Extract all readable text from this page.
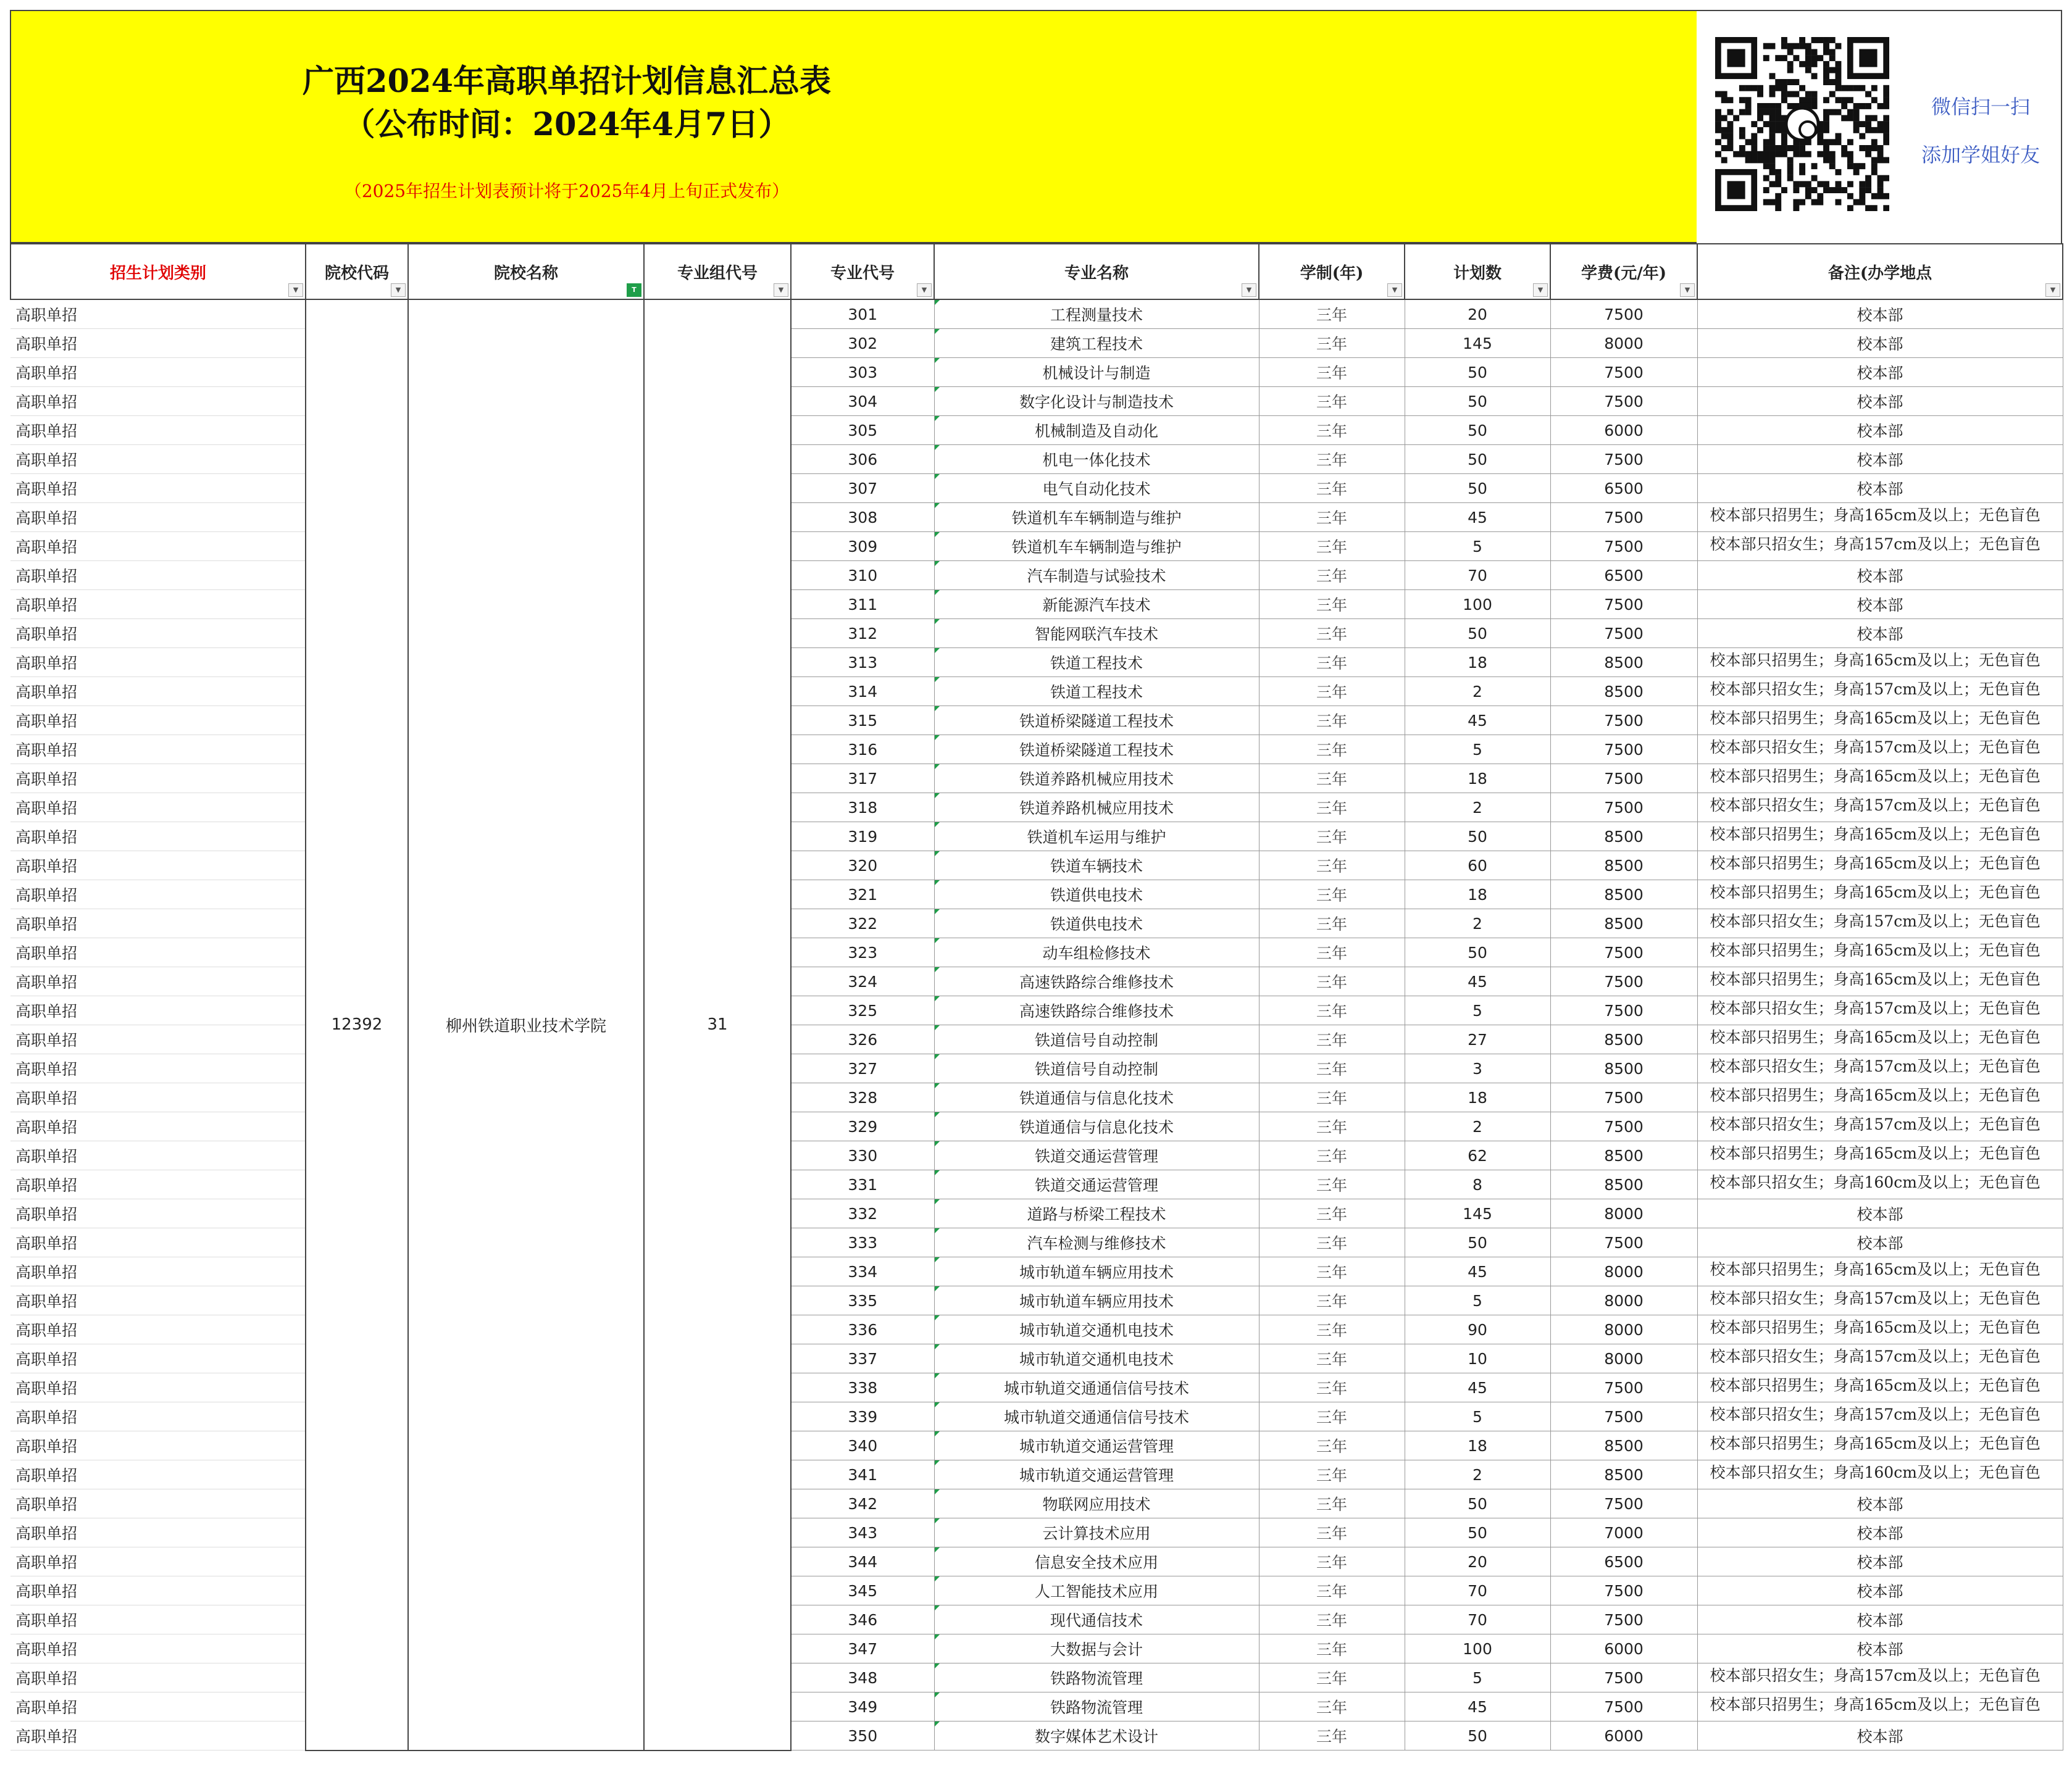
广西2024年高职单招计划信息汇总表
（公布时间：2024年4月7日）
（2025年招生计划表预计将于2025年4月上旬正式发布）
微信扫一扫
添加学姐好友
招生计划类别
▼	院校代码
▼	院校名称
T	专业组代号
▼	专业代号
▼	专业名称
▼	学制(年)
▼	计划数
▼	学费(元/年)
▼	备注(办学地点
▼

高职单招	12392	柳州铁道职业技术学院	31	301	工程测量技术	三年	20	7500	校本部
高职单招				302	建筑工程技术	三年	145	8000	校本部
高职单招				303	机械设计与制造	三年	50	7500	校本部
高职单招				304	数字化设计与制造技术	三年	50	7500	校本部
高职单招				305	机械制造及自动化	三年	50	6000	校本部
高职单招				306	机电一体化技术	三年	50	7500	校本部
高职单招				307	电气自动化技术	三年	50	6500	校本部
高职单招				308	铁道机车车辆制造与维护	三年	45	7500	校本部只招男生；身高165cm及以上；无色盲色
高职单招				309	铁道机车车辆制造与维护	三年	5	7500	校本部只招女生；身高157cm及以上；无色盲色
高职单招				310	汽车制造与试验技术	三年	70	6500	校本部
高职单招				311	新能源汽车技术	三年	100	7500	校本部
高职单招				312	智能网联汽车技术	三年	50	7500	校本部
高职单招				313	铁道工程技术	三年	18	8500	校本部只招男生；身高165cm及以上；无色盲色
高职单招				314	铁道工程技术	三年	2	8500	校本部只招女生；身高157cm及以上；无色盲色
高职单招				315	铁道桥梁隧道工程技术	三年	45	7500	校本部只招男生；身高165cm及以上；无色盲色
高职单招				316	铁道桥梁隧道工程技术	三年	5	7500	校本部只招女生；身高157cm及以上；无色盲色
高职单招				317	铁道养路机械应用技术	三年	18	7500	校本部只招男生；身高165cm及以上；无色盲色
高职单招				318	铁道养路机械应用技术	三年	2	7500	校本部只招女生；身高157cm及以上；无色盲色
高职单招				319	铁道机车运用与维护	三年	50	8500	校本部只招男生；身高165cm及以上；无色盲色
高职单招				320	铁道车辆技术	三年	60	8500	校本部只招男生；身高165cm及以上；无色盲色
高职单招				321	铁道供电技术	三年	18	8500	校本部只招男生；身高165cm及以上；无色盲色
高职单招				322	铁道供电技术	三年	2	8500	校本部只招女生；身高157cm及以上；无色盲色
高职单招				323	动车组检修技术	三年	50	7500	校本部只招男生；身高165cm及以上；无色盲色
高职单招				324	高速铁路综合维修技术	三年	45	7500	校本部只招男生；身高165cm及以上；无色盲色
高职单招				325	高速铁路综合维修技术	三年	5	7500	校本部只招女生；身高157cm及以上；无色盲色
高职单招				326	铁道信号自动控制	三年	27	8500	校本部只招男生；身高165cm及以上；无色盲色
高职单招				327	铁道信号自动控制	三年	3	8500	校本部只招女生；身高157cm及以上；无色盲色
高职单招				328	铁道通信与信息化技术	三年	18	7500	校本部只招男生；身高165cm及以上；无色盲色
高职单招				329	铁道通信与信息化技术	三年	2	7500	校本部只招女生；身高157cm及以上；无色盲色
高职单招				330	铁道交通运营管理	三年	62	8500	校本部只招男生；身高165cm及以上；无色盲色
高职单招				331	铁道交通运营管理	三年	8	8500	校本部只招女生；身高160cm及以上；无色盲色
高职单招				332	道路与桥梁工程技术	三年	145	8000	校本部
高职单招				333	汽车检测与维修技术	三年	50	7500	校本部
高职单招				334	城市轨道车辆应用技术	三年	45	8000	校本部只招男生；身高165cm及以上；无色盲色
高职单招				335	城市轨道车辆应用技术	三年	5	8000	校本部只招女生；身高157cm及以上；无色盲色
高职单招				336	城市轨道交通机电技术	三年	90	8000	校本部只招男生；身高165cm及以上；无色盲色
高职单招				337	城市轨道交通机电技术	三年	10	8000	校本部只招女生；身高157cm及以上；无色盲色
高职单招				338	城市轨道交通通信信号技术	三年	45	7500	校本部只招男生；身高165cm及以上；无色盲色
高职单招				339	城市轨道交通通信信号技术	三年	5	7500	校本部只招女生；身高157cm及以上；无色盲色
高职单招				340	城市轨道交通运营管理	三年	18	8500	校本部只招男生；身高165cm及以上；无色盲色
高职单招				341	城市轨道交通运营管理	三年	2	8500	校本部只招女生；身高160cm及以上；无色盲色
高职单招				342	物联网应用技术	三年	50	7500	校本部
高职单招				343	云计算技术应用	三年	50	7000	校本部
高职单招				344	信息安全技术应用	三年	20	6500	校本部
高职单招				345	人工智能技术应用	三年	70	7500	校本部
高职单招				346	现代通信技术	三年	70	7500	校本部
高职单招				347	大数据与会计	三年	100	6000	校本部
高职单招				348	铁路物流管理	三年	5	7500	校本部只招女生；身高157cm及以上；无色盲色
高职单招				349	铁路物流管理	三年	45	7500	校本部只招男生；身高165cm及以上；无色盲色
高职单招				350	数字媒体艺术设计	三年	50	6000	校本部
